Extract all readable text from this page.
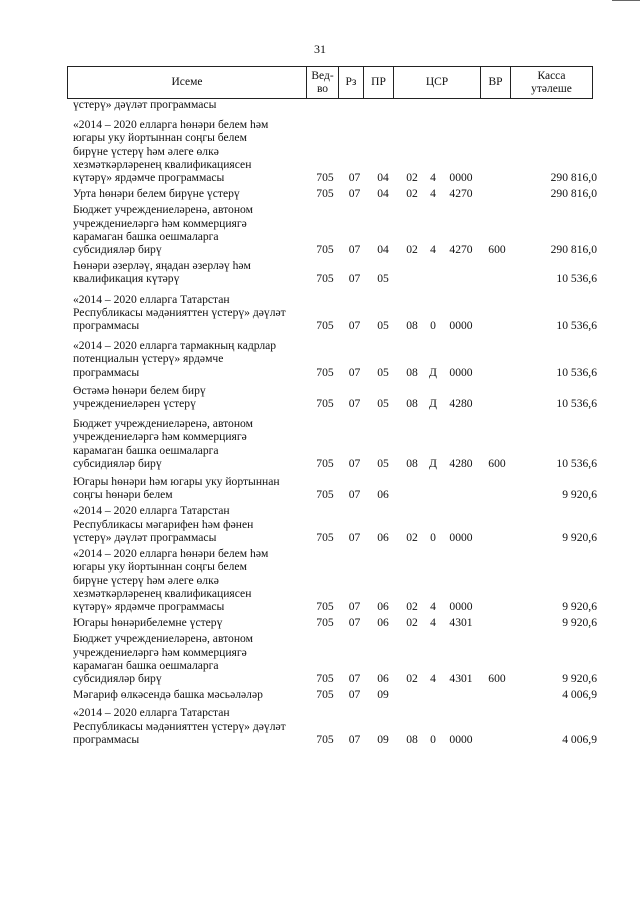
31
Исеме	Вед-
во	Рз	ПР	ЦСР	ВР	Касса
утәлеше
үстерү» дәүләт программасы
«2014 – 2020 елларга һөнәри белем һәм
югары уку йортыннан соңгы белем
бирүне үстерү һәм әлеге өлкә
хезмәткәрләренең квалификациясен
күтәрү» ярдәмче программасы	705	07	04	02	4	0000	290 816,0
Урта һөнәри белем бирүне үстерү	705	07	04	02	4	4270	290 816,0
Бюджет учреждениеләренә, автоном
учреждениеләргә һәм коммерциягә
карамаган башка оешмаларга
субсидияләр бирү	705	07	04	02	4	4270	600	290 816,0
Һөнәри әзерләү, яңадан әзерләү һәм
квалификация күтәрү	705	07	05	10 536,6
«2014 – 2020 елларга Татарстан
Республикасы мәдәнияттен үстерү» дәүләт
программасы	705	07	05	08	0	0000	10 536,6
«2014 – 2020 елларга тармакның кадрлар
потенциалын үстерү» ярдәмче
программасы	705	07	05	08 Д	0000	10 536,6
Өстәмә һөнәри белем бирү
учреждениеләрен үстерү	705	07	05	08 Д	4280	10 536,6
Бюджет учреждениеләренә, автоном
учреждениеләргә һәм коммерциягә
карамаган башка оешмаларга
субсидияләр бирү	705	07	05	08 Д	4280	600	10 536,6
Югары һөнәри һәм югары уку йортыннан
соңгы һөнәри белем	705	07	06	9 920,6
«2014 – 2020 елларга Татарстан
Республикасы мәгарифен һәм фәнен
үстерү» дәүләт программасы	705	07	06	02	0	0000	9 920,6
«2014 – 2020 елларга һөнәри белем һәм
югары уку йортыннан соңгы белем
бирүне үстерү һәм әлеге өлкә
хезмәткәрләренең квалификациясен
күтәрү» ярдәмче программасы	705	07	06	02	4	0000	9 920,6
Югары һөнәрибелемне үстерү	705	07	06	02	4	4301	9 920,6
Бюджет учреждениеләренә, автоном
учреждениеләргә һәм коммерциягә
карамаган башка оешмаларга
субсидияләр бирү	705	07	06	02	4	4301	600	9 920,6
Мәгариф өлкәсендә башка мәсьәләләр	705	07	09	4 006,9
«2014 – 2020 елларга Татарстан
Республикасы мәдәнияттен үстерү» дәүләт
программасы	705	07	09	08	0	0000	4 006,9
